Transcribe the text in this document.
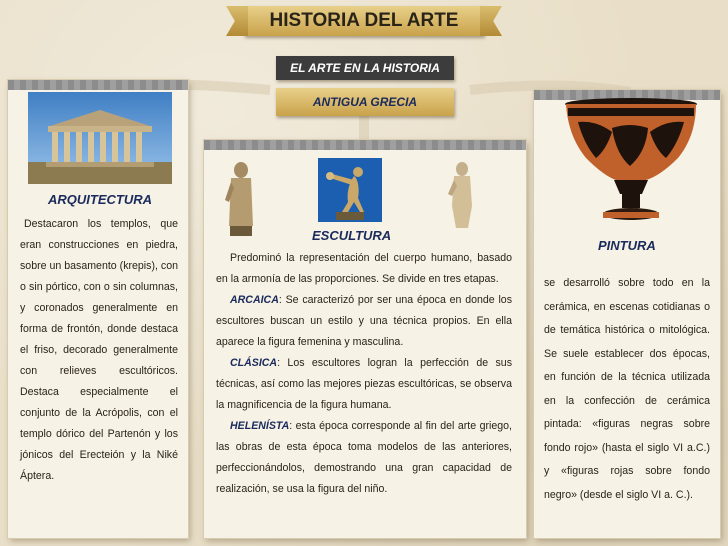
ARQUITECTURA
Destacaron los templos, que eran construcciones en piedra, sobre un basamento (krepis), con o sin pórtico, con o sin columnas, y coronados generalmente en forma de frontón, donde destaca el friso, decorado generalmente con relieves escultóricos. Destaca especialmente el conjunto de la Acrópolis, con el templo dórico del Partenón y los jónicos del Erecteión y la Niké Áptera.
ESCULTURA

Predominó la representación del cuerpo humano, basado en la armonía de las proporciones. Se divide en tres etapas.

ARCAICA: Se caracterizó por ser una época en donde los escultores buscan un estilo y una técnica propios. En ella aparece la figura femenina y masculina.

CLÁSICA: Los escultores logran la perfección de sus técnicas, así como las mejores piezas escultóricas, se observa la magnificencia de la figura humana.

HELENÍSTA: esta época corresponde al fin del arte griego, las obras de esta época toma modelos de las anteriores, perfeccionándolos, demostrando una gran capacidad de realización, se usa la figura del niño.

PINTURA
se desarrolló sobre todo en la cerámica, en escenas cotidianas o de temática histórica o mitológica. Se suele establecer dos épocas, en función de la técnica utilizada en la confección de cerámica pintada: «figuras negras sobre fondo rojo» (hasta el siglo VI a.C.) y «figuras rojas sobre fondo negro» (desde el siglo VI a. C.).
HISTORIA DEL ARTE
EL ARTE EN LA HISTORIA
ANTIGUA GRECIA
